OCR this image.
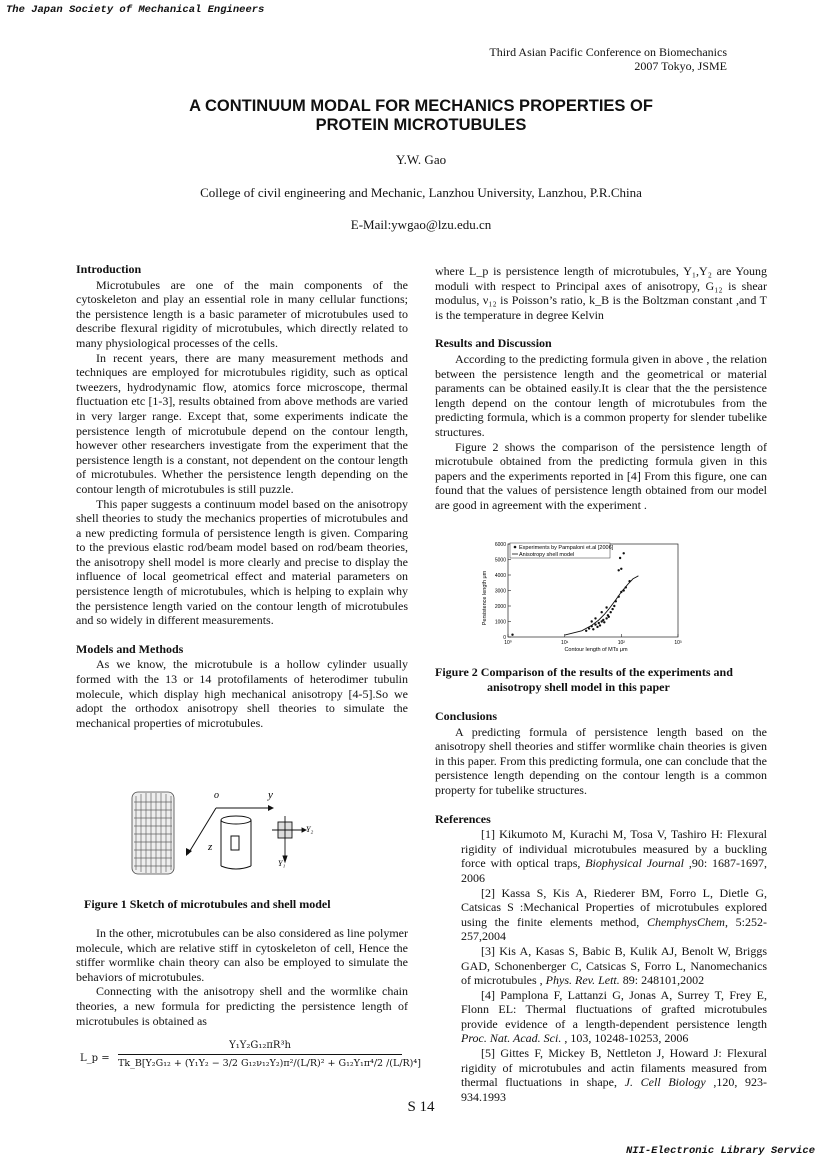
The Japan Society of Mechanical Engineers
Third Asian Pacific Conference on Biomechanics
2007 Tokyo, JSME
A CONTINUUM MODAL FOR MECHANICS PROPERTIES OF
PROTEIN MICROTUBULES
Y.W. Gao
College of civil engineering and Mechanic, Lanzhou University, Lanzhou, P.R.China
E-Mail:ywgao@lzu.edu.cn

Introduction

Microtubules are one of the main components of the cytoskeleton and play an essential role in many cellular functions; the persistence length is a basic parameter of microtubules used to describe flexural rigidity of microtubules, which directly related to many physiological processes of the cells.

In recent years, there are many measurement methods and techniques are employed for microtubules rigidity, such as optical tweezers, hydrodynamic flow, atomics force microscope, thermal fluctuation etc [1-3], results obtained from above methods are varied in very larger range. Except that, some experiments indicate the persistence length of microtubule depend on the contour length, however other researchers investigate from the experiment that the persistence length is a constant, not dependent on the contour length of microtubules. Whether the persistence length depending on the contour length of microtubules is still puzzle.

This paper suggests a continuum model based on the anisotropy shell theories to study the mechanics properties of microtubules and a new predicting formula of persistence length is given. Comparing to the previous elastic rod/beam model based on rod/beam theories, the anisotropy shell model is more clearly and precise to display the influence of local geometrical effect and material parameters on persistence length of microtubules, which is helping to explain why the persistence length varied on the contour length of microtubules and so widely in different measurements.

Models and Methods

As we know, the microtubule is a hollow cylinder usually formed with the 13 or 14 protofilaments of heterodimer tubulin molecule, which display high mechanical anisotropy [4-5].So we adopt the orthodox anisotropy shell theories to simulate the mechanical properties of microtubules.

o	y
z
Y₂
Y₁
Figure 1 Sketch of microtubules and shell model

In the other, microtubules can be also considered as line polymer molecule, which are relative stiff in cytoskeleton of cell, Hence the stiffer wormlike chain theory can also be employed to simulate the behaviors of microtubules.

Connecting with the anisotropy shell and the wormlike chain theories, a new formula for predicting the persistence length of microtubules is obtained as

L_p =
Y₁Y₂G₁₂πR³h
Tk_B[Y₂G₁₂ + (Y₁Y₂ − 3/2 G₁₂ν₁₂Y₂)π²/(L/R)² + G₁₂Y₁π⁴/2 /(L/R)⁴]

where L_p is persistence length of microtubules, Y₁,Y₂ are Young moduli with respect to Principal axes of anisotropy, G₁₂ is shear modulus, ν₁₂ is Poisson’s ratio, k_B is the Boltzman constant ,and T is the temperature in degree Kelvin

Results and Discussion

According to the predicting formula given in above , the relation between the persistence length and the geometrical or material paraments can be obtained easily.It is clear that the the persistence length depend on the contour length of microtubules from the predicting formula, which is a common property for slender tubelike structures.

Figure 2 shows the comparison of the persistence length of microtubule obtained from the predicting formula given in this papers and the experiments reported in [4] From this figure, one can found that the values of persistence length obtained from our model are good in agreement with the experiment .

0
1000
2000
3000
4000
5000
6000
10⁰	10¹	10²	10³
Experiments by Pampaloni et.al [2006]
Anisotropy shell model
Contour length of MTs μm
Persistence length μm
Figure 2 Comparison of the results of the experiments and
anisotropy shell model in this paper

Conclusions

A predicting formula of persistence length based on the anisotropy shell theories and stiffer wormlike chain theories is given in this paper. From this predicting formula, one can conclude that the persistence length depending on the contour length is a common property for tubelike structures.

References

[1] Kikumoto M, Kurachi M, Tosa V, Tashiro H: Flexural rigidity of individual microtubules measured by a buckling force with optical traps, Biophysical Journal ,90: 1687-1697, 2006

[2] Kassa S, Kis A, Riederer BM, Forro L, Dietle G, Catsicas S :Mechanical Properties of microtubules explored using the finite elements method, ChemphysChem, 5:252-257,2004

[3] Kis A, Kasas S, Babic B, Kulik AJ, Benolt W, Briggs GAD, Schonenberger C, Catsicas S, Forro L, Nanomechanics of microtubules , Phys. Rev. Lett. 89: 248101,2002

[4] Pamplona F, Lattanzi G, Jonas A, Surrey T, Frey E, Flonn EL: Thermal fluctuations of grafted microtubules provide evidence of a length-dependent persistence length Proc. Nat. Acad. Sci. , 103, 10248-10253, 2006

[5] Gittes F, Mickey B, Nettleton J, Howard J: Flexural rigidity of microtubules and actin filaments measured from thermal fluctuations in shape, J. Cell Biology ,120, 923-934.1993

S 14
NII-Electronic Library Service
